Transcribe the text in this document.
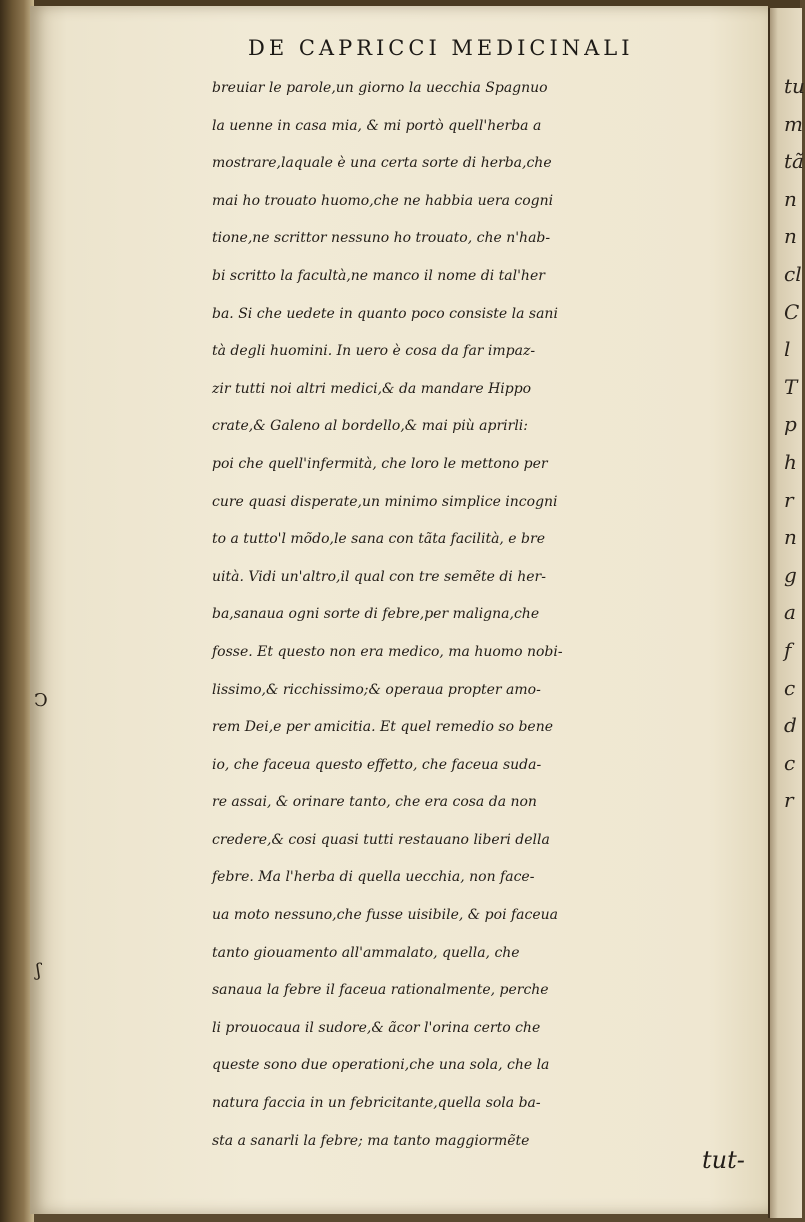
Ↄ
ʃ
DE CAPRICCI MEDICINALI
breuiar le parole,un giorno la uecchia Spagnuo
la uenne in casa mia, & mi portò quell'herba a
mostrare,laquale è una certa sorte di herba,che
mai ho trouato huomo,che ne habbia uera cogni
tione,ne scrittor nessuno ho trouato, che n'hab-
bi scritto la facultà,ne manco il nome di tal'her
ba. Si che uedete in quanto poco consiste la sani
tà degli huomini. In uero è cosa da far impaz-
zir tutti noi altri medici,& da mandare Hippo
crate,& Galeno al bordello,& mai più aprirli:
poi che quell'infermità, che loro le mettono per
cure quasi disperate,un minimo simplice incogni
to a tutto'l mõdo,le sana con tãta facilità, e bre
uità. Vidi un'altro,il qual con tre semẽte di her-
ba,sanaua ogni sorte di febre,per maligna,che
fosse. Et questo non era medico, ma huomo nobi-
lissimo,& ricchissimo;& operaua propter amo-
rem Dei,e per amicitia. Et quel remedio so bene
io, che faceua questo effetto, che faceua suda-
re assai, & orinare tanto, che era cosa da non
credere,& cosi quasi tutti restauano liberi della
febre. Ma l'herba di quella uecchia, non face-
ua moto nessuno,che fusse uisibile, & poi faceua
tanto giouamento all'ammalato, quella, che
sanaua la febre il faceua rationalmente, perche
li prouocaua il sudore,& ãcor l'orina certo che
queste sono due operationi,che una sola, che la
natura faccia in un febricitante,quella sola ba-
sta a sanarli la febre; ma tanto maggiormẽte
tut-
tu
m
tã
n
n
cl
C
l
T
p
h
r
n
g
a
f
c
d
c
r
